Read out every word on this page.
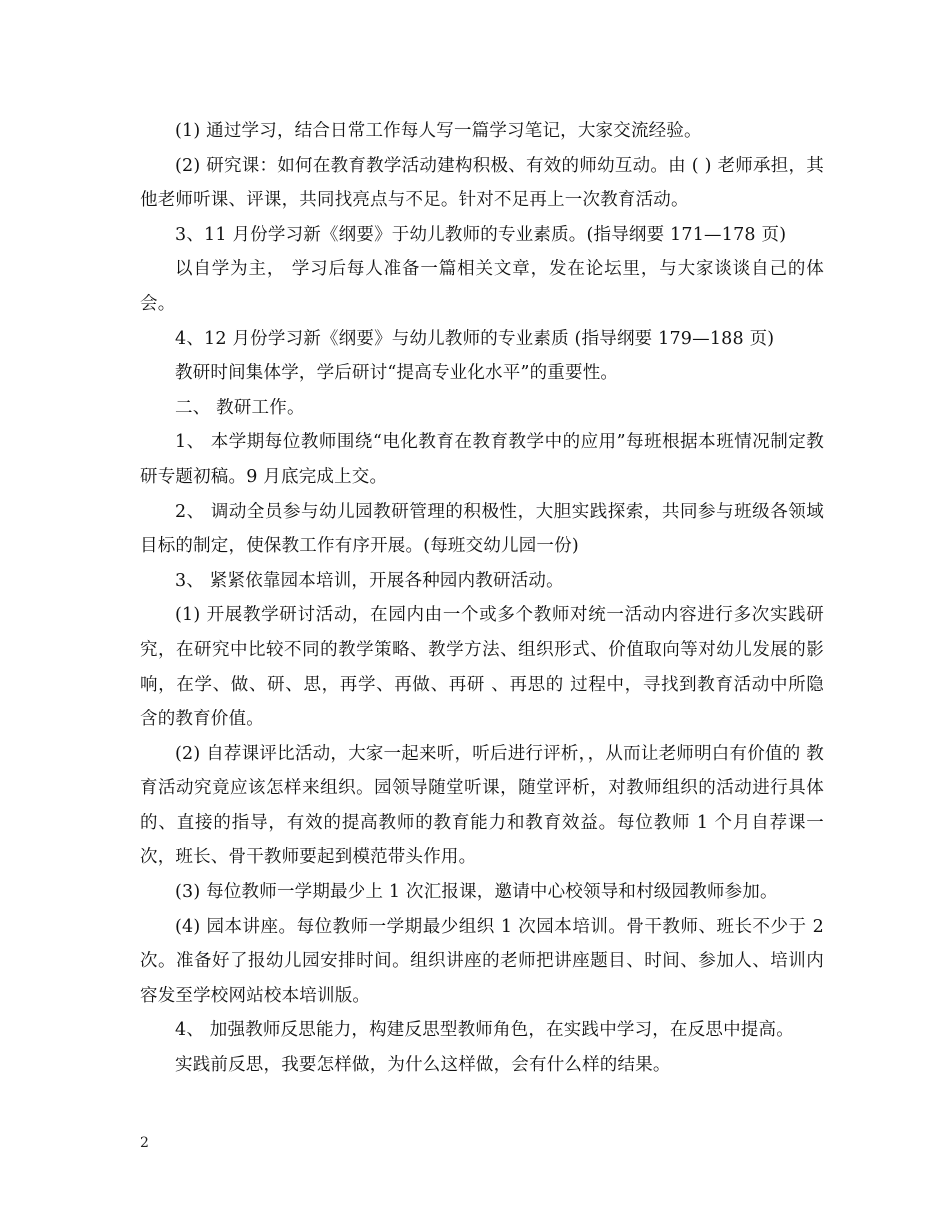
(1) 通过学习，结合日常工作每人写一篇学习笔记，大家交流经验。

(2) 研究课：如何在教育教学活动建构积极、有效的师幼互动。由 ( ) 老师承担，其他老师听课、评课，共同找亮点与不足。针对不足再上一次教育活动。

3、11 月份学习新《纲要》于幼儿教师的专业素质。(指导纲要 171—178 页)

以自学为主， 学习后每人准备一篇相关文章，发在论坛里，与大家谈谈自己的体会。

4、12 月份学习新《纲要》与幼儿教师的专业素质 (指导纲要 179—188 页)

教研时间集体学，学后研讨“提高专业化水平”的重要性。

二、 教研工作。

1、 本学期每位教师围绕“电化教育在教育教学中的应用”每班根据本班情况制定教研专题初稿。9 月底完成上交。

2、 调动全员参与幼儿园教研管理的积极性，大胆实践探索，共同参与班级各领域目标的制定，使保教工作有序开展。(每班交幼儿园一份)

3、 紧紧依靠园本培训，开展各种园内教研活动。

(1) 开展教学研讨活动，在园内由一个或多个教师对统一活动内容进行多次实践研究，在研究中比较不同的教学策略、教学方法、组织形式、价值取向等对幼儿发展的影响，在学、做、研、思，再学、再做、再研 、再思的 过程中，寻找到教育活动中所隐含的教育价值。

(2) 自荐课评比活动，大家一起来听，听后进行评析，，从而让老师明白有价值的 教育活动究竟应该怎样来组织。园领导随堂听课，随堂评析，对教师组织的活动进行具体的、直接的指导，有效的提高教师的教育能力和教育效益。每位教师 1 个月自荐课一次，班长、骨干教师要起到模范带头作用。

(3) 每位教师一学期最少上 1 次汇报课，邀请中心校领导和村级园教师参加。

(4) 园本讲座。每位教师一学期最少组织 1 次园本培训。骨干教师、班长不少于 2 次。准备好了报幼儿园安排时间。组织讲座的老师把讲座题目、时间、参加人、培训内容发至学校网站校本培训版。

4、 加强教师反思能力，构建反思型教师角色，在实践中学习，在反思中提高。

实践前反思，我要怎样做，为什么这样做，会有什么样的结果。

2
